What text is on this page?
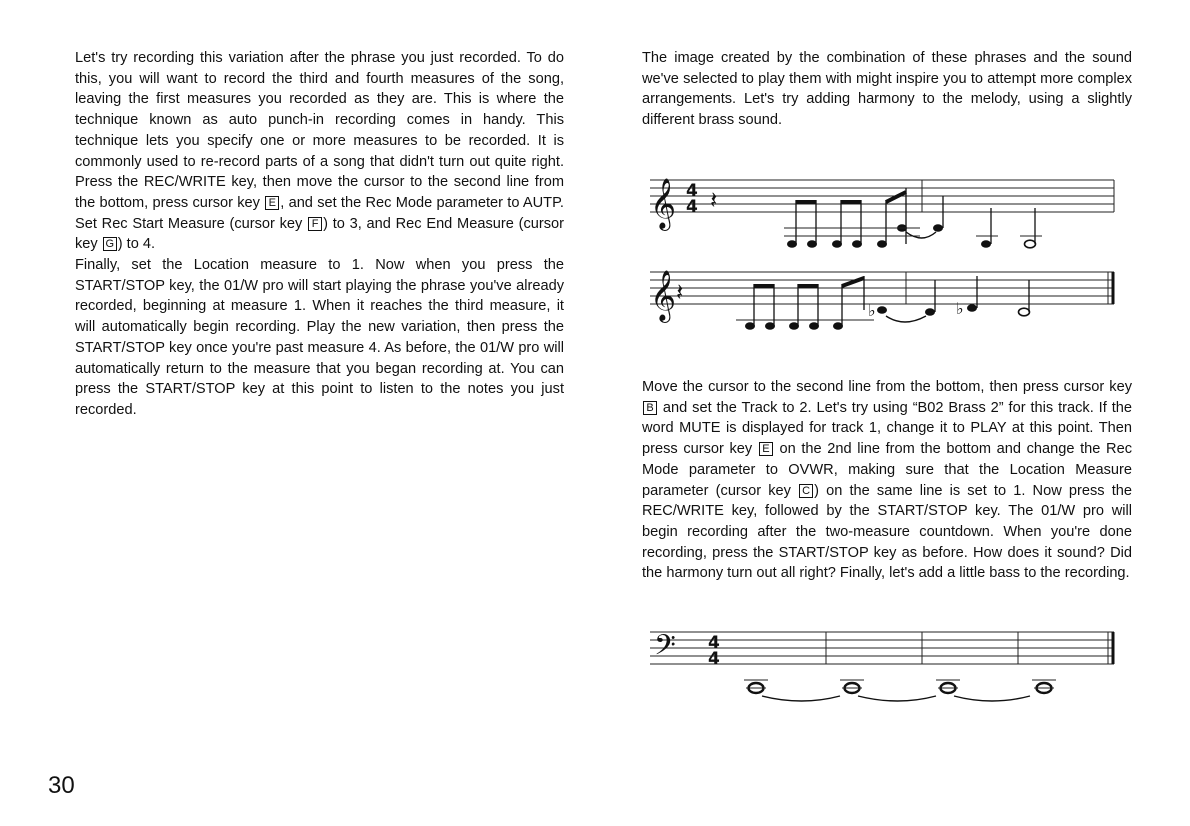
Let's try recording this variation after the phrase you just recorded. To do this, you will want to record the third and fourth measures of the song, leaving the first measures you recorded as they are. This is where the technique known as auto punch-in recording comes in handy. This technique lets you specify one or more measures to be recorded. It is commonly used to re-record parts of a song that didn't turn out quite right. Press the REC/WRITE key, then move the cursor to the second line from the bottom, press cursor key E , and set the Rec Mode parameter to AUTP. Set Rec Start Measure (cursor key F ) to 3, and Rec End Measure (cursor key G ) to 4.

Finally, set the Location measure to 1. Now when you press the START/STOP key, the 01/W pro will start playing the phrase you've already recorded, beginning at measure 1. When it reaches the third measure, it will automatically begin recording. Play the new variation, then press the START/STOP key once you're past measure 4. As before, the 01/W pro will automatically return to the measure that you began recording at. You can press the START/STOP key at this point to listen to the notes you just recorded.

The image created by the combination of these phrases and the sound we've selected to play them with might inspire you to attempt more complex arrangements. Let's try adding harmony to the melody, using a slightly different brass sound.

𝄞 4
4 𝄽
𝄞 𝄽
♭	♭

Move the cursor to the second line from the bottom, then press cursor key B and set the Track to 2. Let's try using “B02 Brass 2” for this track. If the word MUTE is displayed for track 1, change it to PLAY at this point. Then press cursor key E on the 2nd line from the bottom and change the Rec Mode parameter to OVWR, making sure that the Location Measure parameter (cursor key C ) on the same line is set to 1. Now press the REC/WRITE key, followed by the START/STOP key. The 01/W pro will begin recording after the two-measure countdown. When you're done recording, press the START/STOP key as before. How does it sound? Did the harmony turn out all right? Finally, let's add a little bass to the recording.

𝄢 4
4
30
